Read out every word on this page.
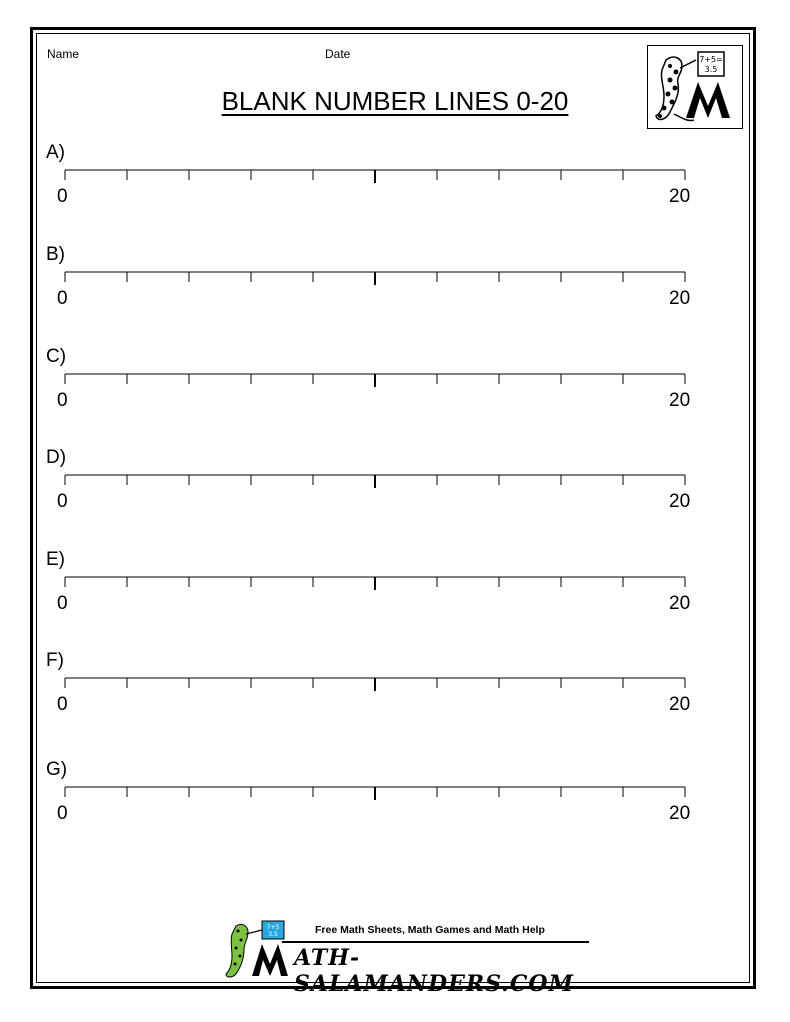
Name	Date
BLANK NUMBER LINES 0-20
7+5=
3.5
A)
0	20
B)
0	20
C)
0	20
D)
0	20
E)
0	20
F)
0	20
G)
0	20
7+5
3.5	Free Math Sheets, Math Games and Math Help
ATH-SALAMANDERS.COM
